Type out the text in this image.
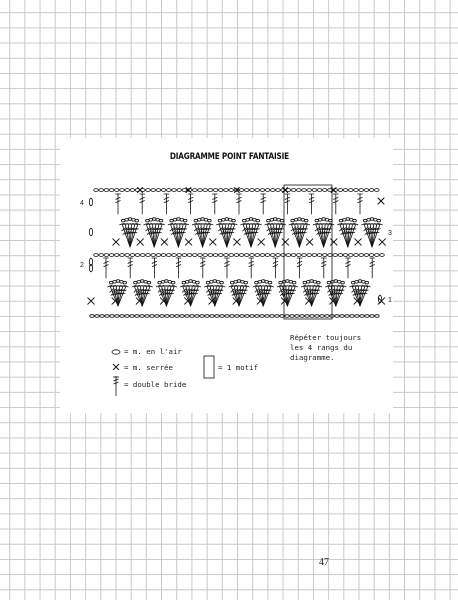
DIAGRAMME POINT FANTAISIE
4
3
2
1
Répéter toujours
les 4 rangs du
diagramme.
= m. en l'air
= m. serrée
= double bride
= 1 motif
47
